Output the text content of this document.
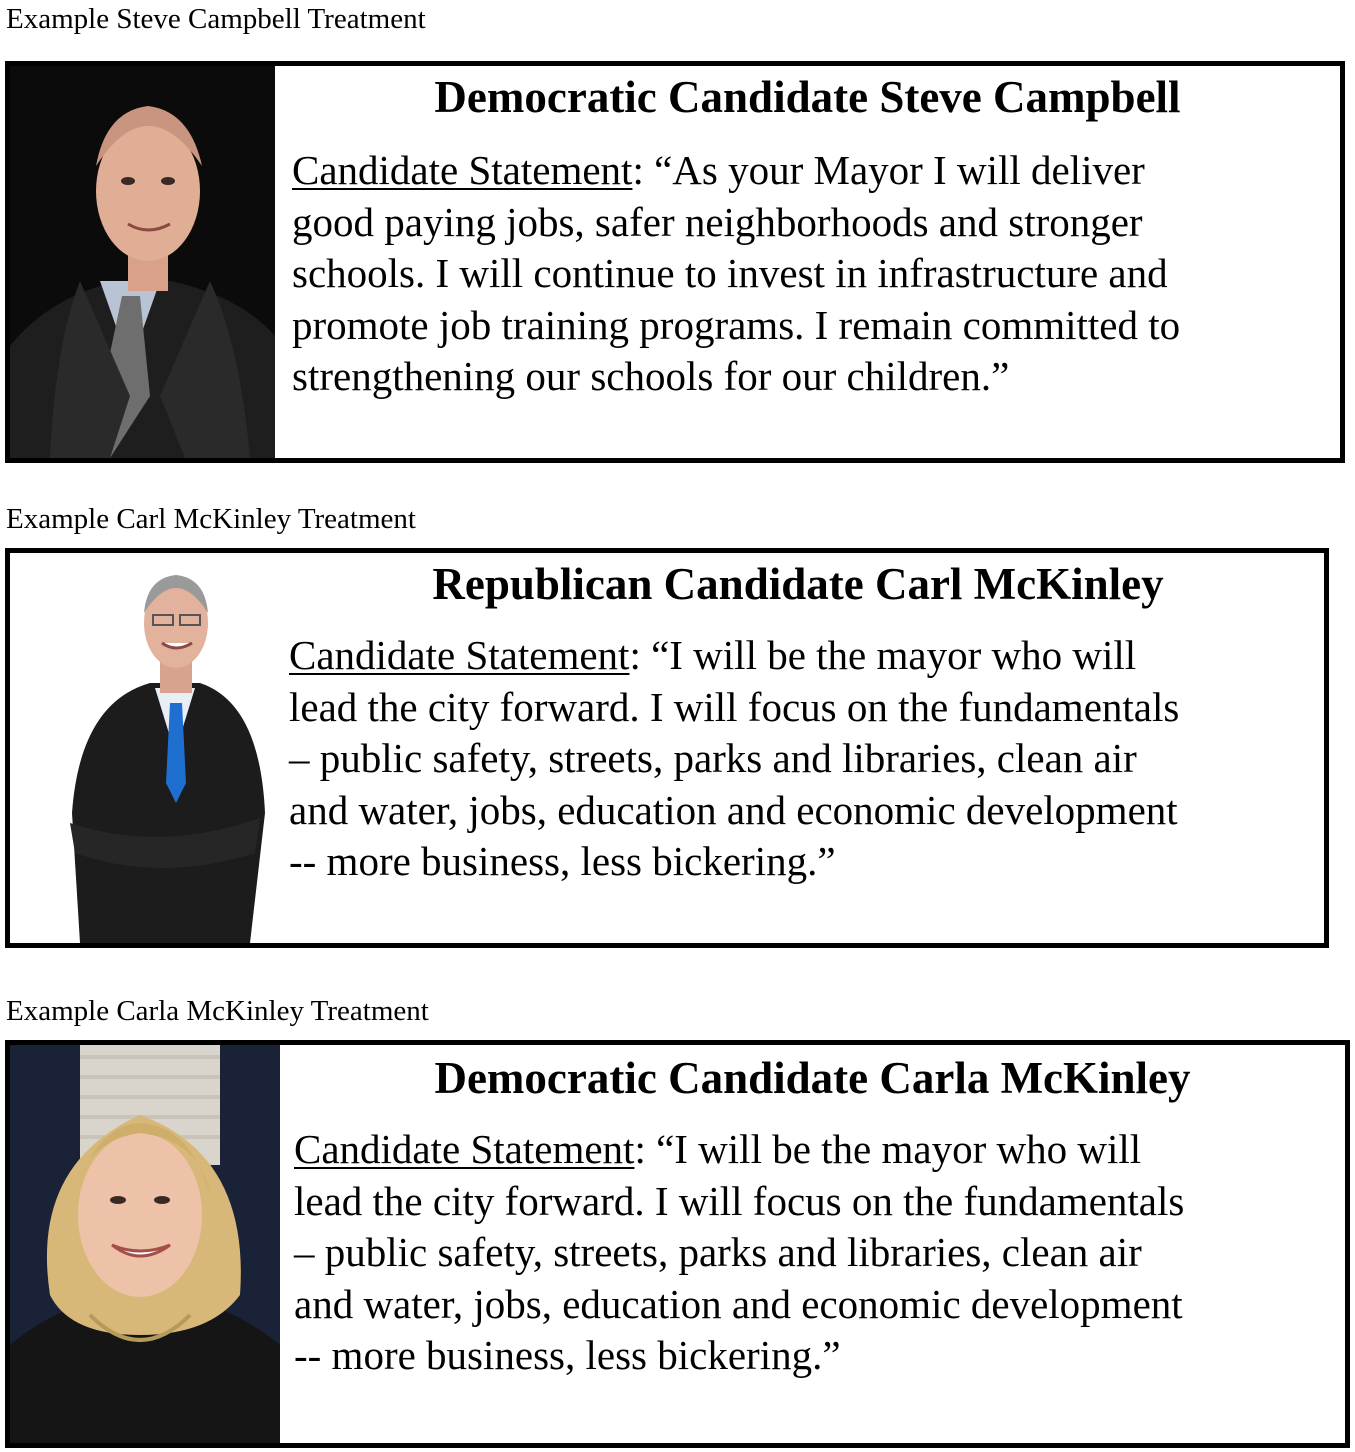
Example Steve Campbell Treatment
Democratic Candidate Steve Campbell

Candidate Statement: “As your Mayor I will deliver
good paying jobs, safer neighborhoods and stronger
schools. I will continue to invest in infrastructure and
promote job training programs. I remain committed to
strengthening our schools for our children.”

Example Carl McKinley Treatment
Republican Candidate Carl McKinley

Candidate Statement: “I will be the mayor who will
lead the city forward. I will focus on the fundamentals
– public safety, streets, parks and libraries, clean air
and water, jobs, education and economic development
-- more business, less bickering.”

Example Carla McKinley Treatment
Democratic Candidate Carla McKinley

Candidate Statement: “I will be the mayor who will
lead the city forward. I will focus on the fundamentals
– public safety, streets, parks and libraries, clean air
and water, jobs, education and economic development
-- more business, less bickering.”
